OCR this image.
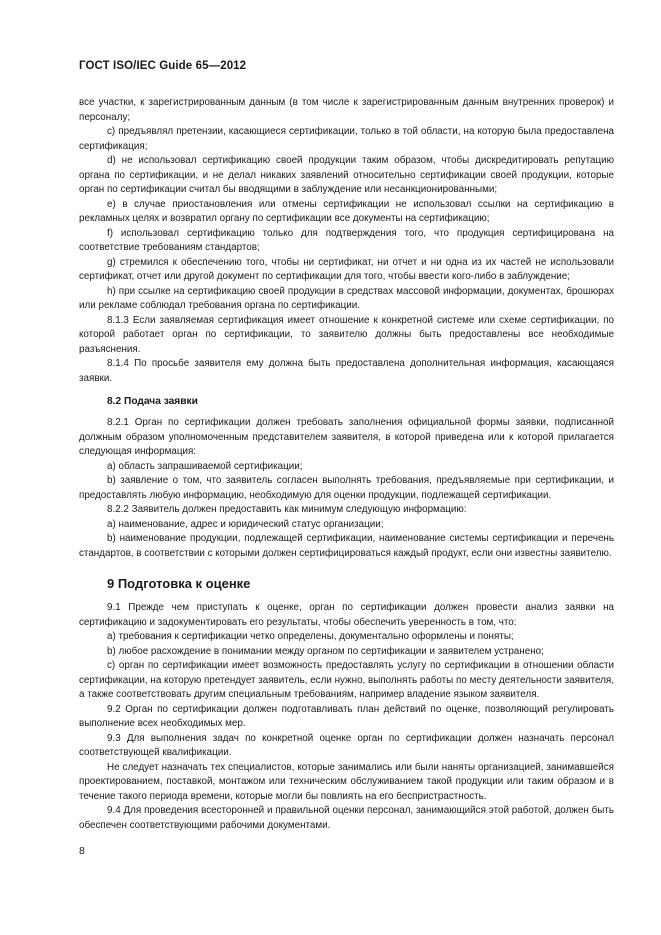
ГОСТ ISO/IEC Guide 65—2012

все участки, к зарегистрированным данным (в том числе к зарегистрированным данным внутренних проверок) и персоналу;

c) предъявлял претензии, касающиеся сертификации, только в той области, на которую была предоставлена сертификация;

d) не использовал сертификацию своей продукции таким образом, чтобы дискредитировать репутацию органа по сертификации, и не делал никаких заявлений относительно сертификации своей продукции, которые орган по сертификации считал бы вводящими в заблуждение или несанкционированными;

e) в случае приостановления или отмены сертификации не использовал ссылки на сертификацию в рекламных целях и возвратил органу по сертификации все документы на сертификацию;

f) использовал сертификацию только для подтверждения того, что продукция сертифицирована на соответствие требованиям стандартов;

g) стремился к обеспечению того, чтобы ни сертификат, ни отчет и ни одна из их частей не использовали сертификат, отчет или другой документ по сертификации для того, чтобы ввести кого-либо в заблуждение;

h) при ссылке на сертификацию своей продукции в средствах массовой информации, документах, брошюрах или рекламе соблюдал требования органа по сертификации.

8.1.3 Если заявляемая сертификация имеет отношение к конкретной системе или схеме сертификации, по которой работает орган по сертификации, то заявителю должны быть предоставлены все необходимые разъяснения.

8.1.4 По просьбе заявителя ему должна быть предоставлена дополнительная информация, касающаяся заявки.

8.2 Подача заявки

8.2.1 Орган по сертификации должен требовать заполнения официальной формы заявки, подписанной должным образом уполномоченным представителем заявителя, в которой приведена или к которой прилагается следующая информация:

a) область запрашиваемой сертификации;

b) заявление о том, что заявитель согласен выполнять требования, предъявляемые при сертификации, и предоставлять любую информацию, необходимую для оценки продукции, подлежащей сертификации.

8.2.2 Заявитель должен предоставить как минимум следующую информацию:

a) наименование, адрес и юридический статус организации;

b) наименование продукции, подлежащей сертификации, наименование системы сертификации и перечень стандартов, в соответствии с которыми должен сертифицироваться каждый продукт, если они известны заявителю.

9 Подготовка к оценке

9.1 Прежде чем приступать к оценке, орган по сертификации должен провести анализ заявки на сертификацию и задокументировать его результаты, чтобы обеспечить уверенность в том, что:

a) требования к сертификации четко определены, документально оформлены и поняты;

b) любое расхождение в понимании между органом по сертификации и заявителем устранено;

c) орган по сертификации имеет возможность предоставлять услугу по сертификации в отношении области сертификации, на которую претендует заявитель, если нужно, выполнять работы по месту деятельности заявителя, а также соответствовать другим специальным требованиям, например владение языком заявителя.

9.2 Орган по сертификации должен подготавливать план действий по оценке, позволяющий регулировать выполнение всех необходимых мер.

9.3 Для выполнения задач по конкретной оценке орган по сертификации должен назначать персонал соответствующей квалификации.

Не следует назначать тех специалистов, которые занимались или были наняты организацией, занимавшейся проектированием, поставкой, монтажом или техническим обслуживанием такой продукции или таким образом и в течение такого периода времени, которые могли бы повлиять на его беспристрастность.

9.4 Для проведения всесторонней и правильной оценки персонал, занимающийся этой работой, должен быть обеспечен соответствующими рабочими документами.

8
